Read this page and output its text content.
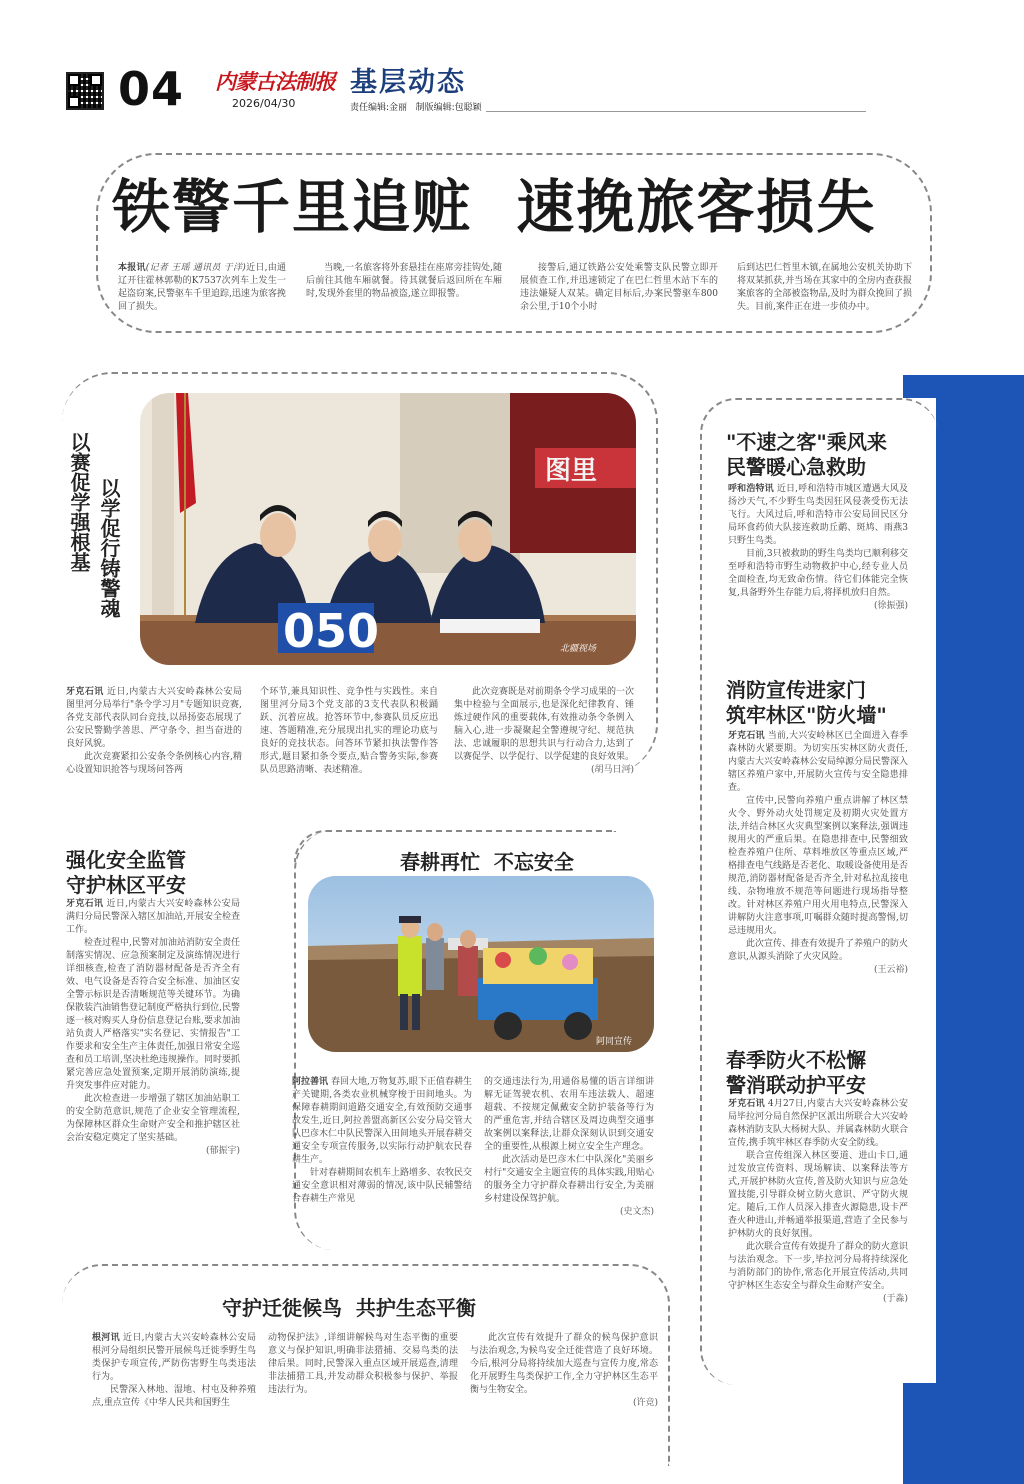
04 内蒙古法制报
2026/04/30
基层动态
责任编辑:金丽   制版编辑:包聪颖
铁警千里追赃  速挽旅客损失
本报讯(记者 王瑶 通讯员 于洋)近日,由通辽开往霍林郭勒的K7537次列车上发生一起盗窃案,民警驱车千里追踪,迅速为旅客挽回了损失。
当晚,一名旅客将外套悬挂在座席旁挂钩处,随后前往其他车厢就餐。待其就餐后返回所在车厢时,发现外套里的物品被盗,遂立即报警。
接警后,通辽铁路公安处乘警支队民警立即开展侦查工作,并迅速锁定了在巴仁哲里木站下车的违法嫌疑人双某。确定目标后,办案民警驱车800余公里,于10个小时
后到达巴仁哲里木镇,在属地公安机关协助下将双某抓获,并当场在其家中的全房内查获报案旅客的全部被盗物品,及时为群众挽回了损失。目前,案件正在进一步侦办中。
以赛促学强根基 以学促行铸警魂
图里
050	北疆视场
牙克石讯 近日,内蒙古大兴安岭森林公安局图里河分局举行"条令学习月"专题知识竞赛,各党支部代表队同台竞技,以昂扬姿态展现了公安民警勤学善思、严守条令、担当奋进的良好风貌。
此次竞赛紧扣公安条令条例核心内容,精心设置知识抢答与现场问答两
个环节,兼具知识性、竞争性与实践性。来自图里河分局3个党支部的3支代表队积极踊跃、沉着应战。抢答环节中,参赛队员反应迅速、答题精准,充分展现出扎实的理论功底与良好的竞技状态。问答环节紧扣执法警作答形式,题目紧扣条令要点,贴合警务实际,参赛队员思路清晰、表述精准。
此次竞赛既是对前期条令学习成果的一次集中检验与全面展示,也是深化纪律教育、锤炼过硬作风的重要载体,有效推动条令条例入脑入心,进一步凝聚起全警遵规守纪、规范执法、忠诚履职的思想共识与行动合力,达到了以赛促学、以学促行、以学促建的良好效果。
(胡马日河)
"不速之客"乘风来
民警暖心急救助
呼和浩特讯 近日,呼和浩特市城区遭遇大风及扬沙天气,不少野生鸟类因狂风侵袭受伤无法飞行。大风过后,呼和浩特市公安局回民区分局环食药侦大队接连救助丘鹬、斑鸠、雨燕3只野生鸟类。
目前,3只被救助的野生鸟类均已顺利移交至呼和浩特市野生动物救护中心,经专业人员全面检查,均无致命伤情。待它们体能完全恢复,具备野外生存能力后,将择机放归自然。
(徐振强)
消防宣传进家门
筑牢林区"防火墙"
牙克石讯 当前,大兴安岭林区已全面进入春季森林防火紧要期。为切实压实林区防火责任,内蒙古大兴安岭森林公安局绰源分局民警深入辖区养殖户家中,开展防火宣传与安全隐患排查。
宣传中,民警向养殖户重点讲解了林区禁火令、野外动火处罚规定及初期火灾处置方法,并结合林区火灾典型案例以案释法,强调违规用火的严重后果。在隐患排查中,民警细致检查养殖户住所、草料堆放区等重点区域,严格排查电气线路是否老化、取暖设备使用是否规范,消防器材配备是否齐全,针对私拉乱接电线、杂物堆放不规范等问题进行现场指导整改。针对林区养殖户用火用电特点,民警深入讲解防火注意事项,叮嘱群众随时提高警惕,切忌违规用火。
此次宣传、排查有效提升了养殖户的防火意识,从源头消除了火灾风险。
(王云裕)
春季防火不松懈
警消联动护平安
牙克石讯 4月27日,内蒙古大兴安岭森林公安局毕拉河分局自然保护区派出所联合大兴安岭森林消防支队大杨树大队、并属森林防火联合宣传,携手筑牢林区春季防火安全防线。
联合宣传组深入林区要道、进山卡口,通过发放宣传资料、现场解读、以案释法等方式,开展护林防火宣传,普及防火知识与应急处置技能,引导群众树立防火意识、严守防火规定。随后,工作人员深入排查火源隐患,设卡严查火种进山,并畅通举报渠道,营造了全民参与护林防火的良好氛围。
此次联合宣传有效提升了群众的防火意识与法治观念。下一步,毕拉河分局将持续深化与消防部门的协作,常态化开展宣传活动,共同守护林区生态安全与群众生命财产安全。
(于淼)
强化安全监管
守护林区平安
牙克石讯 近日,内蒙古大兴安岭森林公安局满归分局民警深入辖区加油站,开展安全检查工作。
检查过程中,民警对加油站消防安全责任制落实情况、应急预案制定及演练情况进行详细核查,检查了消防器材配备是否齐全有效、电气设备是否符合安全标准、加油区安全警示标识是否清晰规范等关键环节。为确保散装汽油销售登记制度严格执行到位,民警逐一核对购买人身份信息登记台账,要求加油站负责人严格落实"实名登记、实情报告"工作要求和安全生产主体责任,加强日常安全巡查和员工培训,坚决杜绝违规操作。同时要抓紧完善应急处置预案,定期开展消防演练,提升突发事件应对能力。
此次检查进一步增强了辖区加油站职工的安全防范意识,规范了企业安全管理流程,为保障林区群众生命财产安全和推护辖区社会治安稳定奠定了坚实基础。
(郁振宇)
春耕再忙  不忘安全
阿同宣传
阿拉善讯 春回大地,万物复苏,眼下正值春耕生产关键期,各类农业机械穿梭于田间地头。为保障春耕期间道路交通安全,有效预防交通事故发生,近日,阿拉善盟高新区公安分局交管大队巴彦木仁中队民警深入田间地头开展春耕交通安全专项宣传服务,以实际行动护航农民春耕生产。
针对春耕期间农机车上路增多、农牧民交通安全意识相对薄弱的情况,该中队民辅警结合春耕生产常见
的交通违法行为,用通俗易懂的语言详细讲解无证驾驶农机、农用车违法载人、超速超载、不按规定佩戴安全防护装备等行为的严重危害,并结合辖区及周边典型交通事故案例以案释法,让群众深刻认识到交通安全的重要性,从根源上树立安全生产理念。
此次活动是巴彦木仁中队深化"美丽乡村行"交通安全主题宣传的具体实践,用贴心的服务全力守护群众春耕出行安全,为美丽乡村建设保驾护航。
(史文杰)
守护迁徙候鸟  共护生态平衡
根河讯 近日,内蒙古大兴安岭森林公安局根河分局组织民警开展候鸟迁徙季野生鸟类保护专项宣传,严防伤害野生鸟类违法行为。
民警深入林地、湿地、村屯及种养殖点,重点宣传《中华人民共和国野生
动物保护法》,详细讲解候鸟对生态平衡的重要意义与保护知识,明确非法猎捕、交易鸟类的法律后果。同时,民警深入重点区域开展巡查,清理非法捕猎工具,并发动群众积极参与保护、举报违法行为。
此次宣传有效提升了群众的候鸟保护意识与法治观念,为候鸟安全迁徙营造了良好环境。今后,根河分局将持续加大巡查与宣传力度,常态化开展野生鸟类保护工作,全力守护林区生态平衡与生物安全。
(许竞)
